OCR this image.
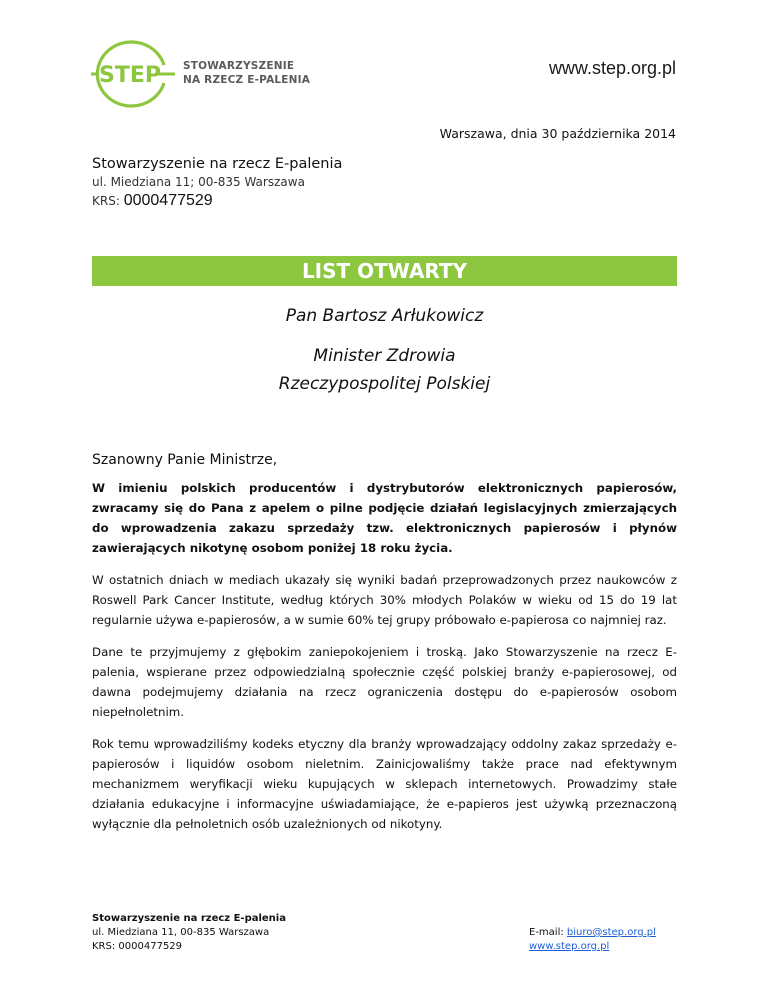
STEP STOWARZYSZENIE
NA RZECZ E-PALENIA
www.step.org.pl
Warszawa, dnia 30 października 2014
Stowarzyszenie na rzecz E-palenia
ul. Miedziana 11; 00-835 Warszawa
KRS: 0000477529
LIST OTWARTY
Pan Bartosz Arłukowicz
Minister Zdrowia
Rzeczypospolitej Polskiej
Szanowny Panie Ministrze,

W imieniu polskich producentów i dystrybutorów elektronicznych papierosów, zwracamy się do Pana z apelem o pilne podjęcie działań legislacyjnych zmierzających do wprowadzenia zakazu sprzedaży tzw. elektronicznych papierosów i płynów zawierających nikotynę osobom poniżej 18 roku życia.

W ostatnich dniach w mediach ukazały się wyniki badań przeprowadzonych przez naukowców z Roswell Park Cancer Institute, według których 30% młodych Polaków w wieku od 15 do 19 lat regularnie używa e-papierosów, a w sumie 60% tej grupy próbowało e-papierosa co najmniej raz.

Dane te przyjmujemy z głębokim zaniepokojeniem i troską. Jako Stowarzyszenie na rzecz E-palenia, wspierane przez odpowiedzialną społecznie część polskiej branży e-papierosowej, od dawna podejmujemy działania na rzecz ograniczenia dostępu do e-papierosów osobom niepełnoletnim.

Rok temu wprowadziliśmy kodeks etyczny dla branży wprowadzający oddolny zakaz sprzedaży e-papierosów i liquidów osobom nieletnim. Zainicjowaliśmy także prace nad efektywnym mechanizmem weryfikacji wieku kupujących w sklepach internetowych. Prowadzimy stałe działania edukacyjne i informacyjne uświadamiające, że e-papieros jest używką przeznaczoną wyłącznie dla pełnoletnich osób uzależnionych od nikotyny.

Stowarzyszenie na rzecz E-palenia
ul. Miedziana 11, 00-835 Warszawa
KRS: 0000477529
E-mail: biuro@step.org.pl
www.step.org.pl
